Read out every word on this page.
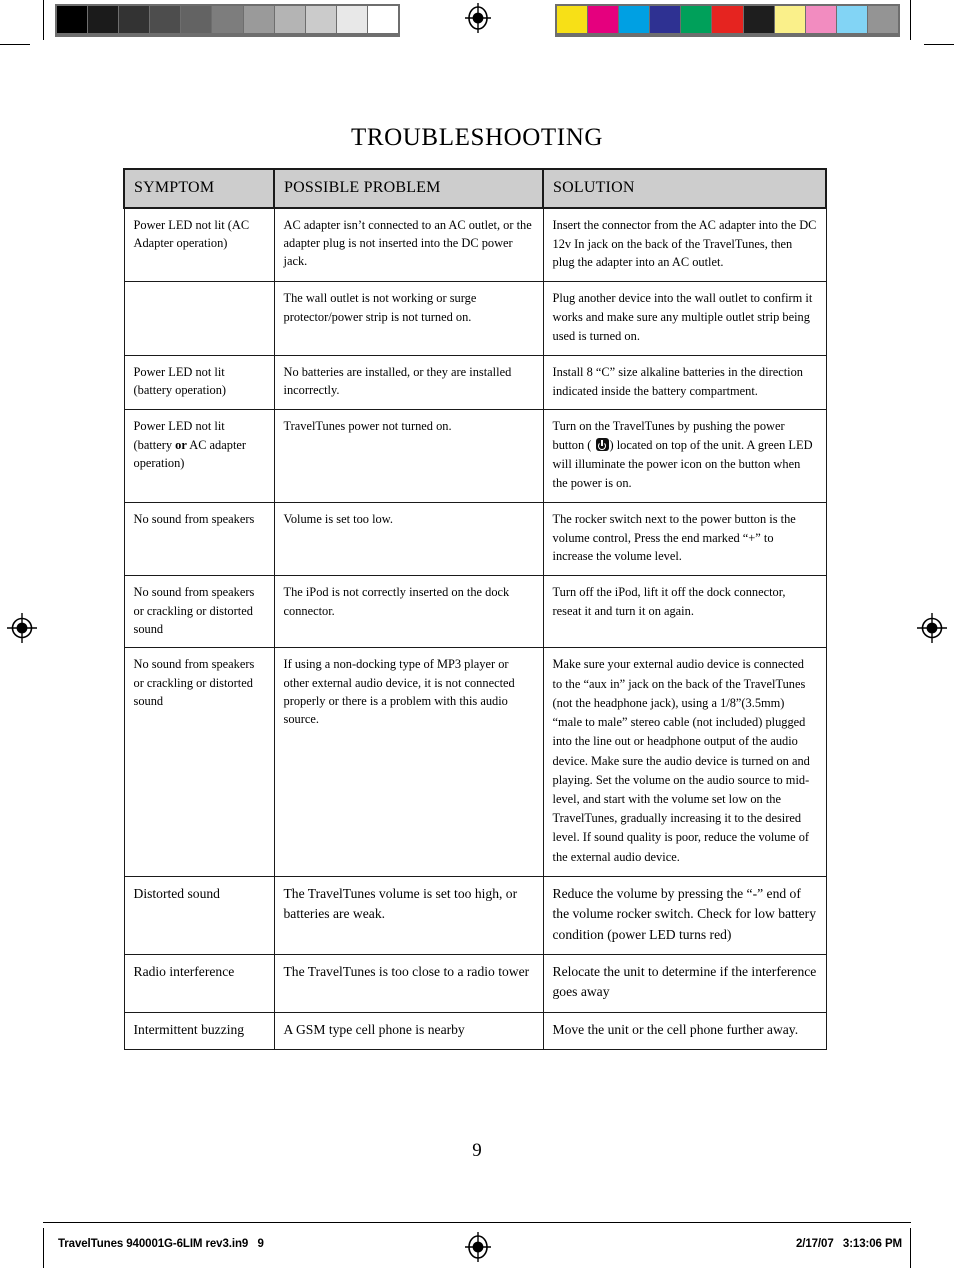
TROUBLESHOOTING
SYMPTOM	POSSIBLE PROBLEM	SOLUTION
Power LED not lit (AC Adapter operation)	AC adapter isn’t connected to an AC outlet, or the adapter plug is not inserted into the DC power jack.	Insert the connector from the AC adapter into the DC 12v In jack on the back of the TravelTunes, then plug the adapter into an AC outlet.
	The wall outlet is not working or surge protector/power strip is not turned on.	Plug another device into the wall outlet to confirm it works and make sure any multiple outlet strip being used is turned on.
Power LED not lit (battery operation)	No batteries are installed, or they are installed incorrectly.	Install 8 “C” size alkaline batteries in the direction indicated inside the battery compartment.
Power LED not lit (battery or AC adapter operation)	TravelTunes power not turned on.	Turn on the TravelTunes by pushing the power button ( ) located on top of the unit. A green LED will illuminate the power icon on the button when the power is on.
No sound from speakers	Volume is set too low.	The rocker switch next to the power button is the volume control, Press the end marked “+” to increase the volume level.
No sound from speakers or crackling or distorted sound	The iPod is not correctly inserted on the dock connector.	Turn off the iPod, lift it off the dock connector, reseat it and turn it on again.
No sound from speakers or crackling or distorted sound	If using a non-docking type of MP3 player or other external audio device, it is not connected properly or there is a problem with this audio source.	Make sure your external audio device is connected to the “aux in” jack on the back of the TravelTunes (not the headphone jack), using a 1/8”(3.5mm) “male to male” stereo cable (not included) plugged into the line out or headphone output of the audio device. Make sure the audio device is turned on and playing. Set the volume on the audio source to mid-level, and start with the volume set low on the TravelTunes, gradually increasing it to the desired level. If sound quality is poor, reduce the volume of the external audio device.
Distorted sound	The TravelTunes volume is set too high, or batteries are weak.	Reduce the volume by pressing the “-” end of the volume rocker switch. Check for low battery condition (power LED turns red)
Radio interference	The TravelTunes is too close to a radio tower	Relocate the unit to determine if the interference goes away
Intermittent buzzing	A GSM type cell phone is nearby	Move the unit or the cell phone further away.
9
TravelTunes 940001G-6LIM rev3.in9   9	2/17/07   3:13:06 PM
